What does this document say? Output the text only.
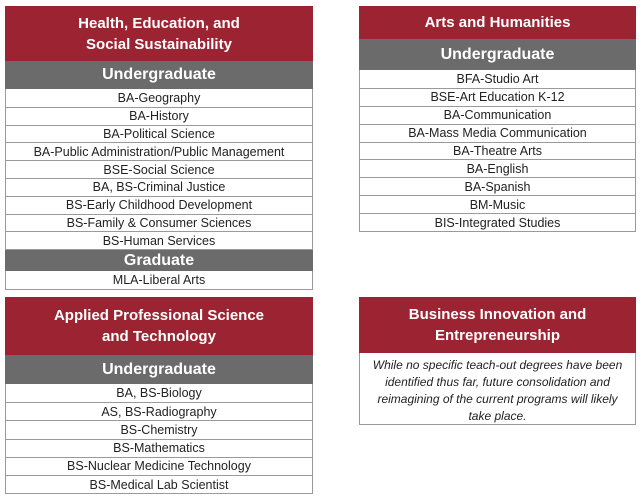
Health, Education, and
Social Sustainability
Undergraduate
BA-Geography
BA-History
BA-Political Science
BA-Public Administration/Public Management
BSE-Social Science
BA, BS-Criminal Justice
BS-Early Childhood Development
BS-Family & Consumer Sciences
BS-Human Services
Graduate
MLA-Liberal Arts
Arts and Humanities
Undergraduate
BFA-Studio Art
BSE-Art Education K-12
BA-Communication
BA-Mass Media Communication
BA-Theatre Arts
BA-English
BA-Spanish
BM-Music
BIS-Integrated Studies
Applied Professional Science
and Technology
Undergraduate
BA, BS-Biology
AS, BS-Radiography
BS-Chemistry
BS-Mathematics
BS-Nuclear Medicine Technology
BS-Medical Lab Scientist
Business Innovation and
Entrepreneurship
While no specific teach-out degrees have been identified thus far, future consolidation and reimagining of the current programs will likely take place.
